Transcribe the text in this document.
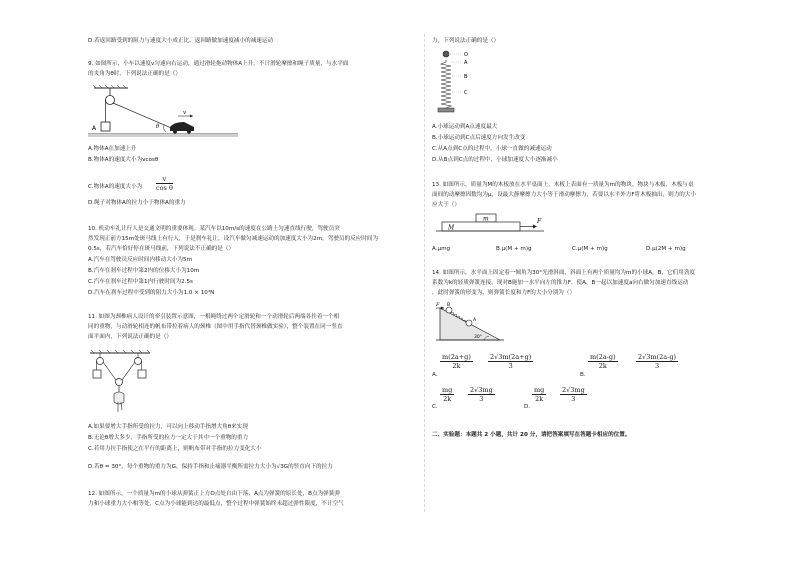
D.若返回路受到的阻力与速度大小成正比，返回路做加速度减小的减速运动
9. 如图所示，小车以速度v匀速向右运动，通过滑轮拖动物体A上升，不计滑轮摩擦和绳子质量，与水平面
的夹角为θ时，下列说法正确的是（）
A	θ
v
A.物体A在加速上升
B.物体A的速度大小为vcosθ
C.物体A的速度大小为 $\frac{v}{\text{cos θ}}$
D.绳子对物体A的拉力小于物体A的重力
10. 机动车礼让行人是交通文明的重要体现。某汽车以10m/s的速度在公路上匀速直线行驶，驾驶员突
然发现正前方15m处斑马线上有行人，于是刹车礼让，设汽车做匀减速运动的加速度大小为2m，驾驶员的反应时间为
0.5s，若汽车恰好停在斑马线前，下列说法不正确的是（）
A.汽车在驾驶员反应时间内移动大小为5m
B.汽车在刹车过程中第2内的位移大小为10m
C.汽车在刹车过程中第1内行驶时间为2.5s
D.汽车在刹车过程中受到的阻力大小为1.0 × 10⁴N
11. 如图为颈椎病人设计的牵引装置示意图，一根绳绕过两个定滑轮和一个动滑轮后两端各挂着一个相
同的重物，与动滑轮相连的帆布带拉着病人的颈椎（图中用手指代替颈椎做实验），整个装置在同一竖直
面平面内，下列说法正确的是（）
A.如果要增大手指所受的拉力，可以向上移动手指增大角θ来实现
B.无论θ增大多少，手指所受的拉力一定大于其中一个重物的重力
C.若用力拉手指使之在平行的距离上，则帆布带对手指的拉力变化大小
D.若θ = 30°，每个重物的重力为G，保持手指和止痛器平衡所需拉力大小为√3G的竖直向下的拉力
12. 如图所示，一个质量为m的小球从弹簧正上方O点处自由下落，A点为弹簧的原长处，B点为弹簧弹
力和小球重力大小相等处，C点为小球能到达的最低点，整个过程中弹簧始终未超过弹性限度，不计空气
力，下列说法正确的是（）
O
A
B
C
A.小球运动到A点速度最大
B.小球运动到C点后速度方向发生改变
C.从A点到C点的过程中，小球一直做的减速运动
D.从B点到C点的过程中，小球加速度大小逐渐减小
13. 如图所示，质量为M的木板放在水平桌面上，木板上表面有一质量为m的物块，物块与木板、木板与桌
面间的动摩擦因数均为μ，设最大静摩擦力大小等于滑动摩擦力，若要以水平外力F将木板抽出，则力的大小
应大于（）
m
M
F
A.μmg	B.μ(M + m)g	C.μ(M + m)g	D.μ(2M + m)g
14. 如图所示，水平面上固定着一倾角为30°光滑斜面，斜面上有两个质量均为m的小球A，B，它们用劲度
系数为k的轻质弹簧连接，现对B施加一水平向左的推力F，使A，B一起以加速度a向右做匀加速直线运动
，此时弹簧的形变为，则弹簧长度和力F的大小分别为（）
F B
A
30°
A.
$\frac{m(2a+g)}{2k} \frac{2√3m(2a+g)}{3}$
B.
$\frac{m(2a-g)}{2k}$	$\frac{2√3m(2a-g)}{3}$
C.
$\frac{mg}{2k} \frac{2√3mg}{3}$
D.
$\frac{mg}{2k} \frac{2√3mg}{3}$
二、实验题：本题共 2 小题，共计 20 分，请把答案填写在答题卡相应的位置。
